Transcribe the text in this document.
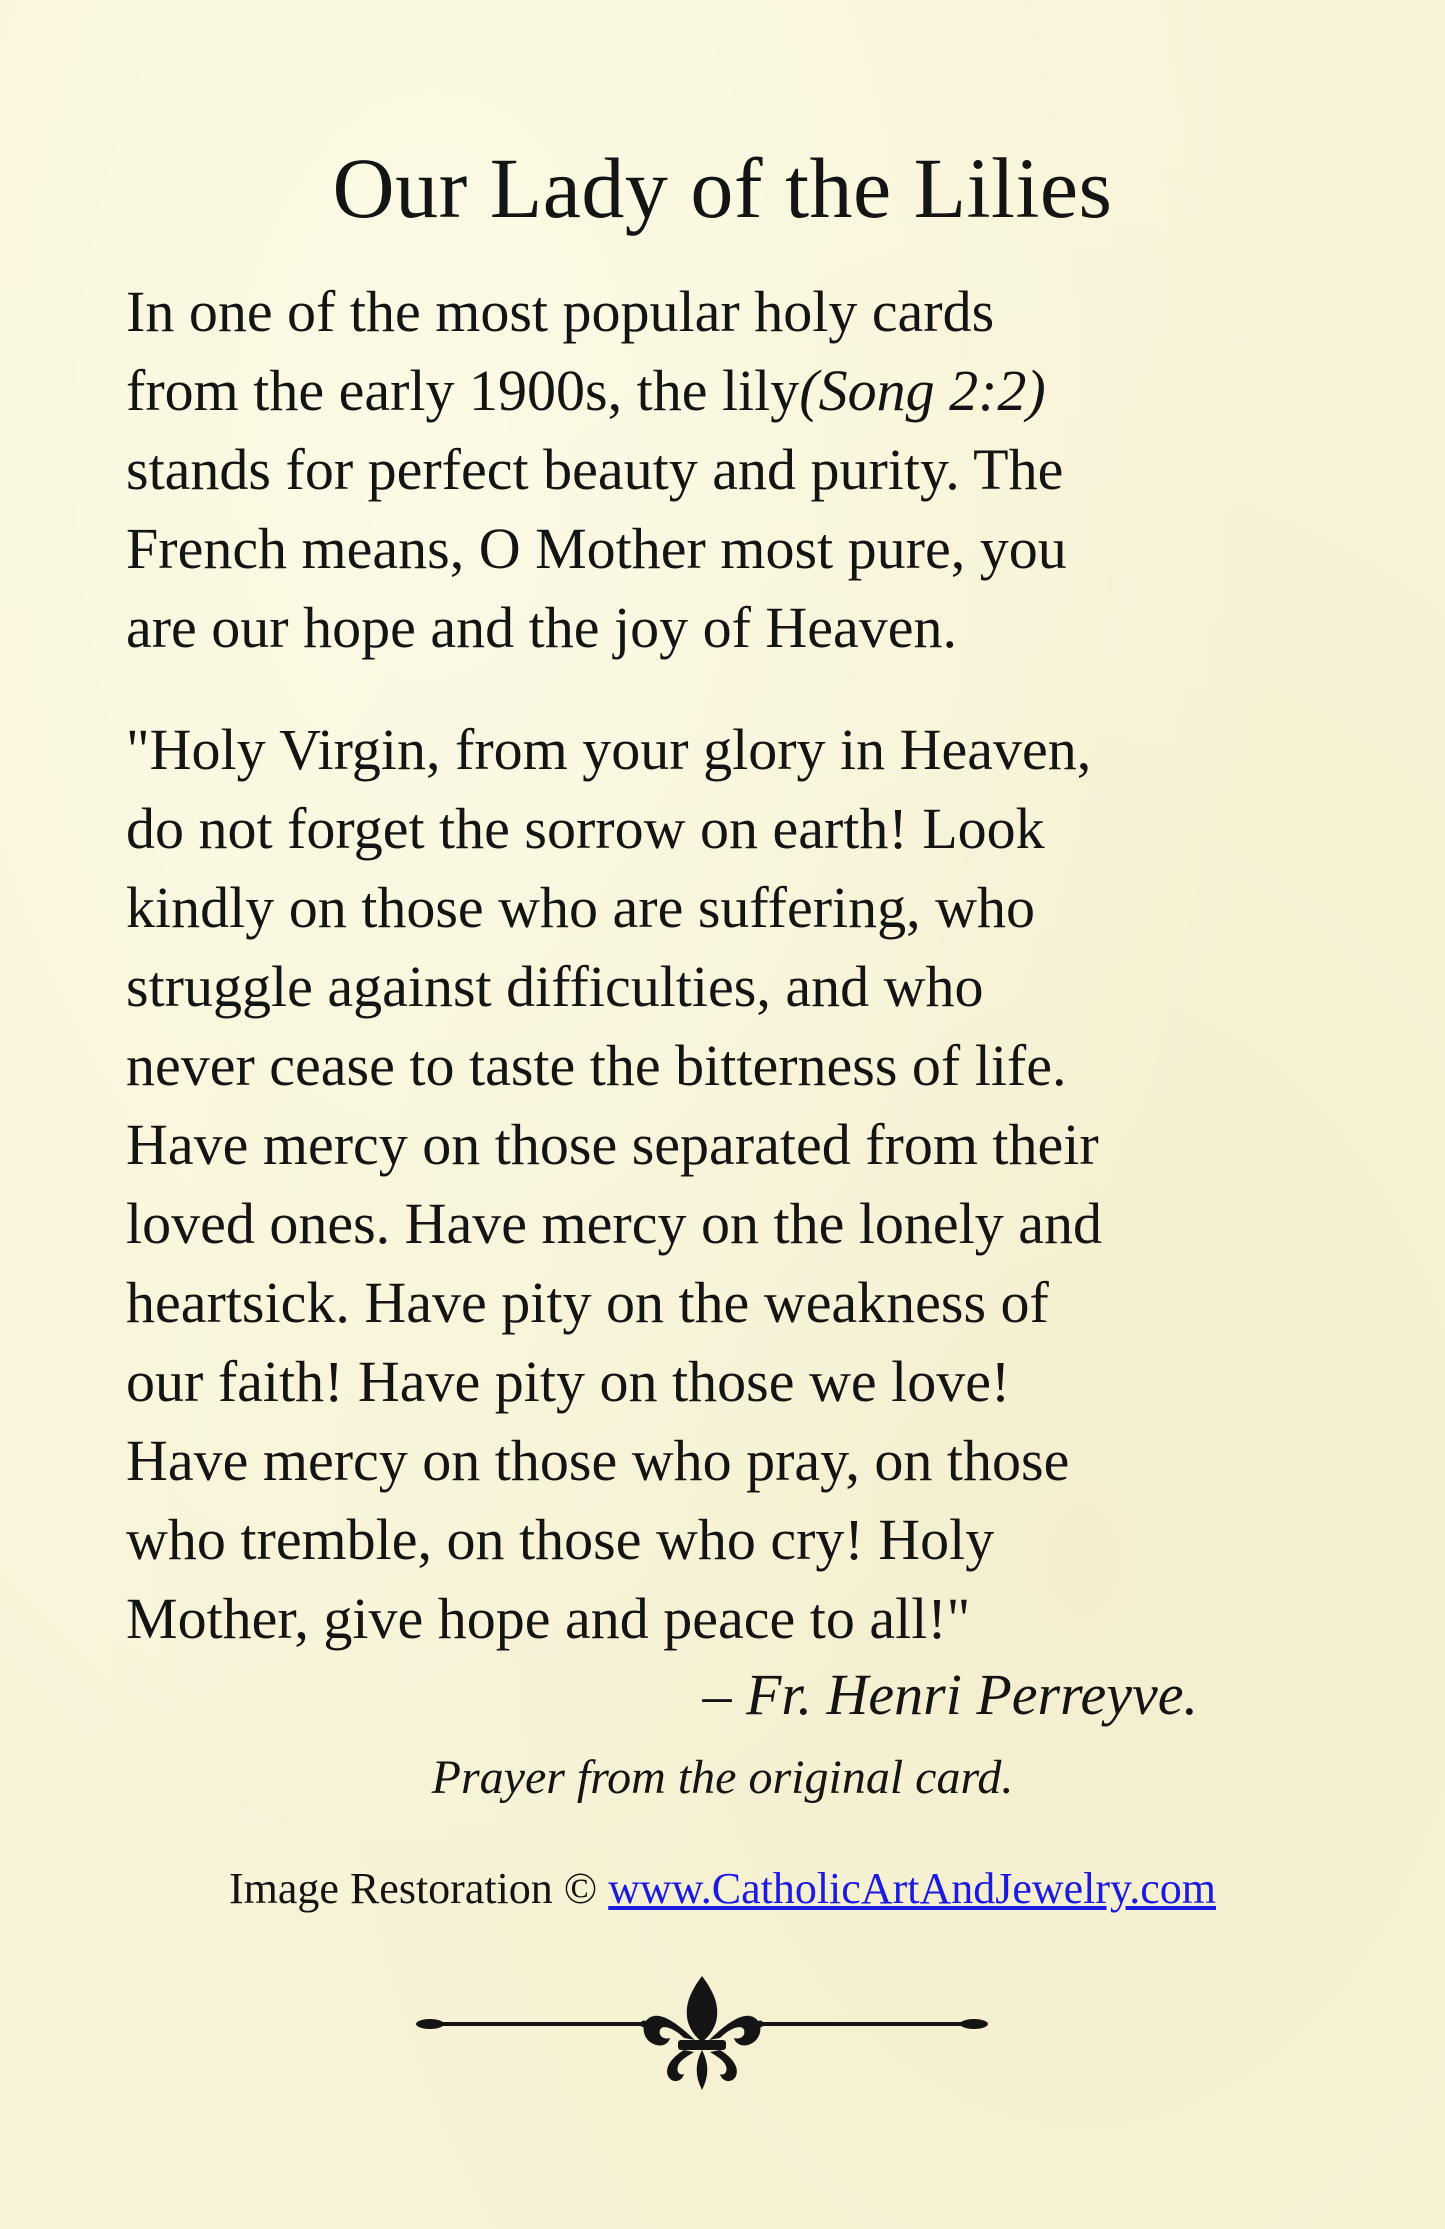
Our Lady of the Lilies

In one of the most popular holy cards
from the early 1900s, the lily(Song 2:2)
stands for perfect beauty and purity. The
French means, O Mother most pure, you
are our hope and the joy of Heaven.

"Holy Virgin, from your glory in Heaven,
do not forget the sorrow on earth! Look
kindly on those who are suffering, who
struggle against difficulties, and who
never cease to taste the bitterness of life.
Have mercy on those separated from their
loved ones. Have mercy on the lonely and
heartsick. Have pity on the weakness of
our faith! Have pity on those we love!
Have mercy on those who pray, on those
who tremble, on those who cry! Holy
Mother, give hope and peace to all!"

– Fr. Henri Perreyve.
Prayer from the original card.
Image Restoration © www.CatholicArtAndJewelry.com
